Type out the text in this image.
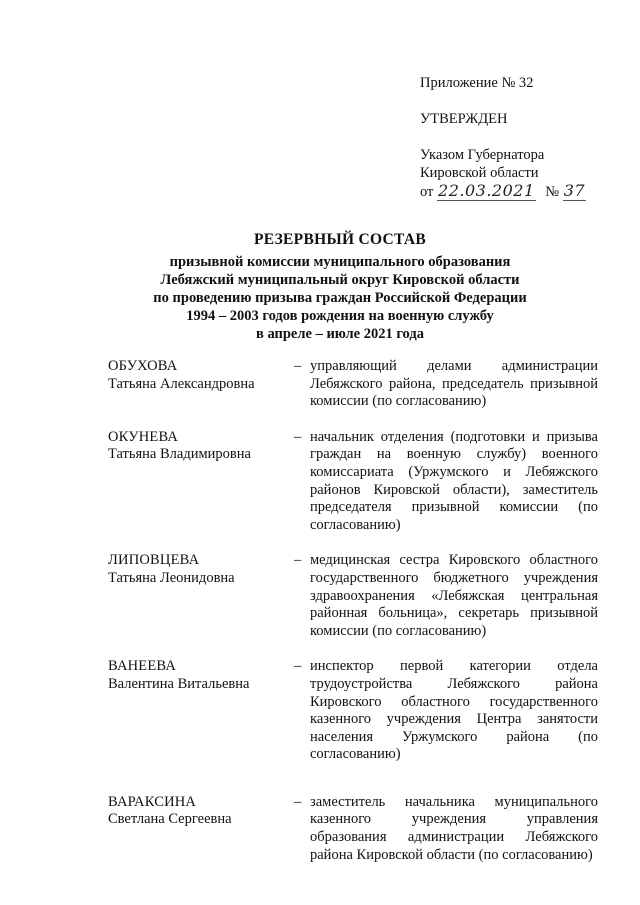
Приложение № 32
УТВЕРЖДЕН
Указом Губернатора
Кировской области
от 22.03.2021 № 37
РЕЗЕРВНЫЙ СОСТАВ
призывной комиссии муниципального образования
Лебяжский муниципальный округ Кировской области
по проведению призыва граждан Российской Федерации
1994 – 2003 годов рождения на военную службу
в апреле – июле 2021 года
ОБУХОВА
Татьяна Александровна
– управляющий делами администрации Лебяжского района, председатель призывной комиссии (по согласованию)
ОКУНЕВА
Татьяна Владимировна
– начальник отделения (подготовки и призыва граждан на военную службу) военного комиссариата (Уржумского и Лебяжского районов Кировской области), заместитель председателя призывной комиссии (по согласованию)
ЛИПОВЦЕВА
Татьяна Леонидовна
– медицинская сестра Кировского областного государственного бюджетного учреждения здравоохранения «Лебяжская центральная районная больница», секретарь призывной комиссии (по согласованию)
ВАНЕЕВА
Валентина Витальевна
– инспектор первой категории отдела трудоустройства Лебяжского района Кировского областного государственного казенного учреждения Центра занятости населения Уржумского района (по согласованию)
ВАРАКСИНА
Светлана Сергеевна
– заместитель начальника муниципального казенного учреждения управления образования администрации Лебяжского района Кировской области (по согласованию)
